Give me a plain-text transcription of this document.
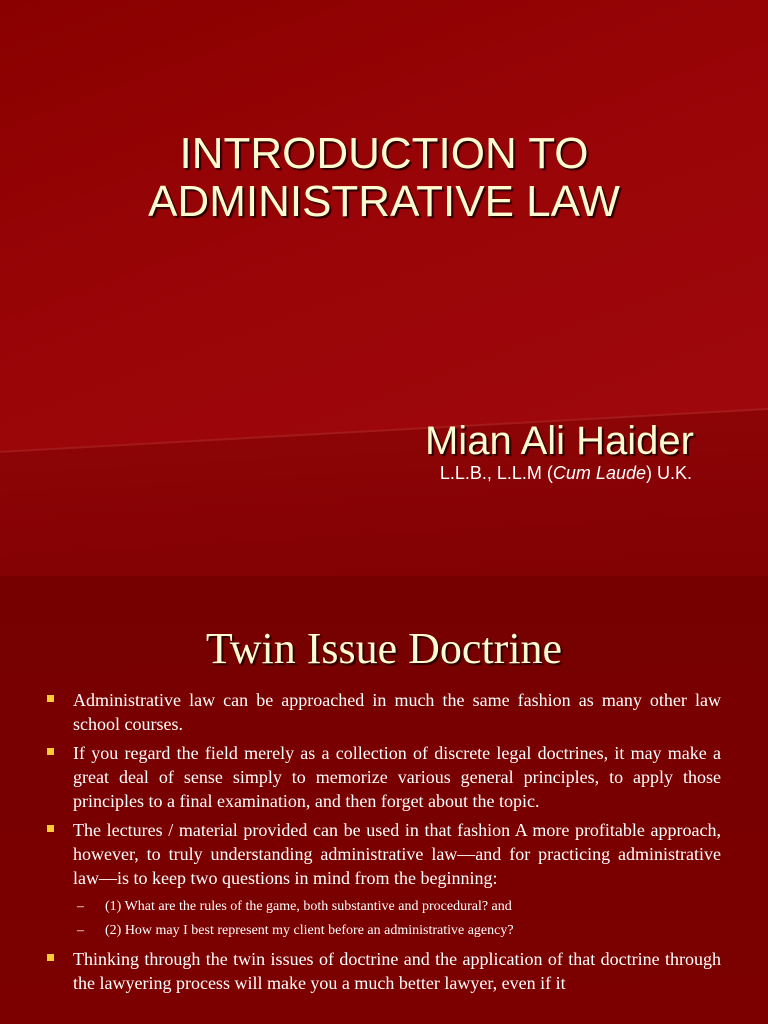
INTRODUCTION TO
ADMINISTRATIVE LAW
Mian Ali Haider
L.L.B., L.L.M (Cum Laude) U.K.
Twin Issue Doctrine
Administrative law can be approached in much the same fashion as many other law school courses.
If you regard the field merely as a collection of discrete legal doctrines, it may make a great deal of sense simply to memorize various general principles, to apply those principles to a final examination, and then forget about the topic.
The lectures / material provided can be used in that fashion A more profitable approach, however, to truly understanding administrative law—and for practicing administrative law—is to keep two questions in mind from the beginning:
– (1) What are the rules of the game, both substantive and procedural? and
– (2) How may I best represent my client before an administrative agency?
Thinking through the twin issues of doctrine and the application of that doctrine through the lawyering process will make you a much better lawyer, even if it
